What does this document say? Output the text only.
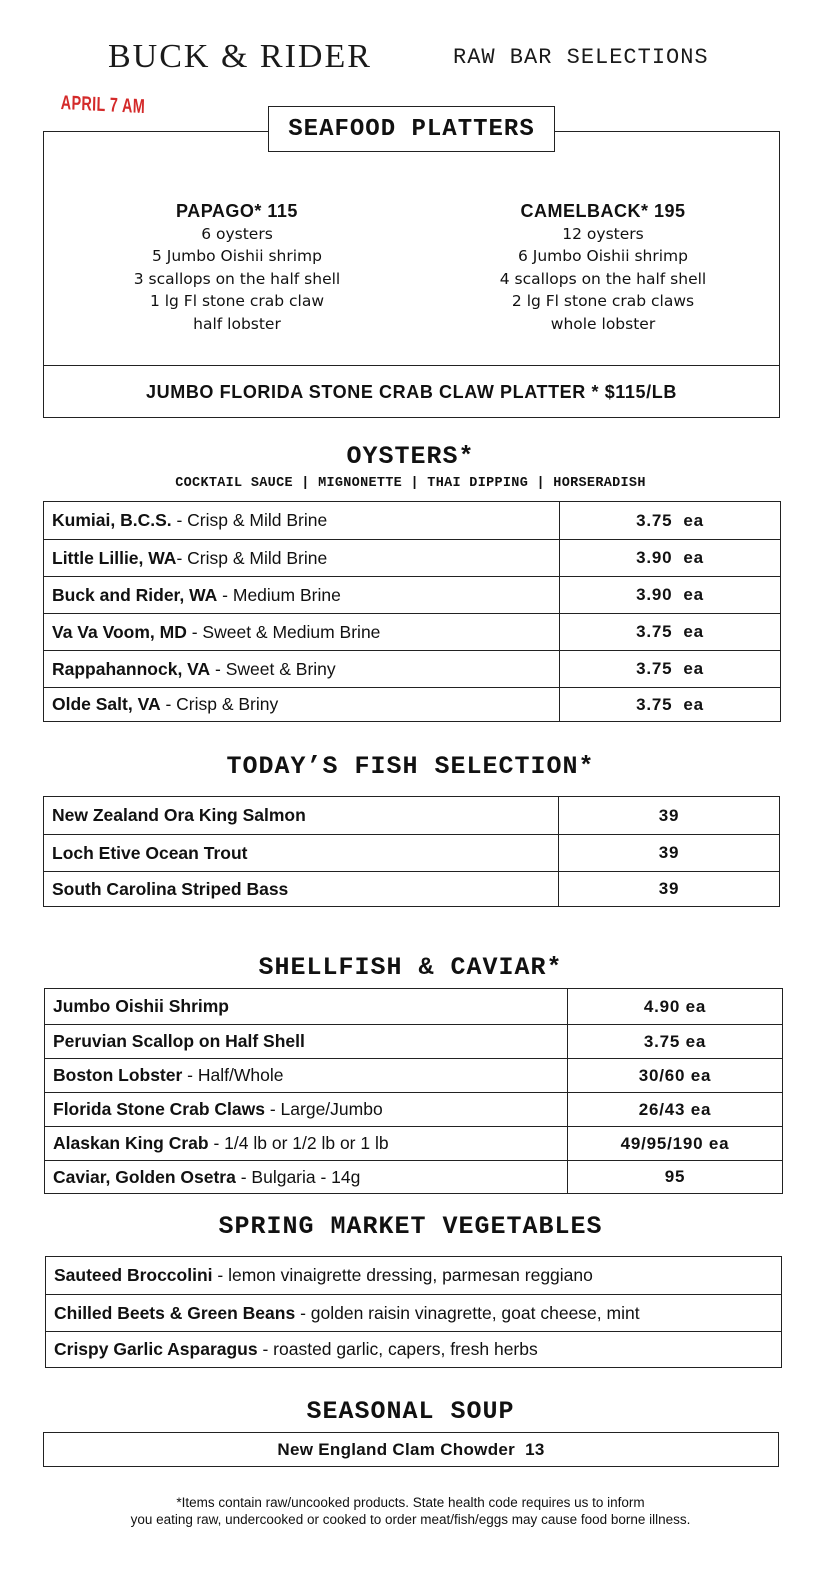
BUCK & RIDER	RAW BAR SELECTIONS
APRIL 7 AM
SEAFOOD PLATTERS
PAPAGO* 115
6 oysters
5 Jumbo Oishii shrimp
3 scallops on the half shell
1 lg Fl stone crab claw
half lobster
CAMELBACK* 195
12 oysters
6 Jumbo Oishii shrimp
4 scallops on the half shell
2 lg Fl stone crab claws
whole lobster
JUMBO FLORIDA STONE CRAB CLAW PLATTER * $115/LB
OYSTERS*
COCKTAIL SAUCE | MIGNONETTE | THAI DIPPING | HORSERADISH
Kumiai, B.C.S. - Crisp & Mild Brine	3.75  ea
Little Lillie, WA - Crisp & Mild Brine	3.90  ea
Buck and Rider, WA - Medium Brine	3.90  ea
Va Va Voom, MD - Sweet & Medium Brine	3.75  ea
Rappahannock, VA - Sweet & Briny	3.75  ea
Olde Salt, VA - Crisp & Briny	3.75  ea
TODAY’S FISH SELECTION*
New Zealand Ora King Salmon	39
Loch Etive Ocean Trout	39
South Carolina Striped Bass	39
SHELLFISH & CAVIAR*
Jumbo Oishii Shrimp	4.90 ea
Peruvian Scallop on Half Shell	3.75 ea
Boston Lobster - Half/Whole	30/60 ea
Florida Stone Crab Claws - Large/Jumbo	26/43 ea
Alaskan King Crab - 1/4 lb or 1/2 lb or 1 lb	49/95/190 ea
Caviar, Golden Osetra - Bulgaria - 14g	95
SPRING MARKET VEGETABLES
Sauteed Broccolini - lemon vinaigrette dressing, parmesan reggiano
Chilled Beets & Green Beans - golden raisin vinagrette, goat cheese, mint
Crispy Garlic Asparagus - roasted garlic, capers, fresh herbs
SEASONAL SOUP
New England Clam Chowder  13
*Items contain raw/uncooked products. State health code requires us to inform
you eating raw, undercooked or cooked to order meat/fish/eggs may cause food borne illness.
